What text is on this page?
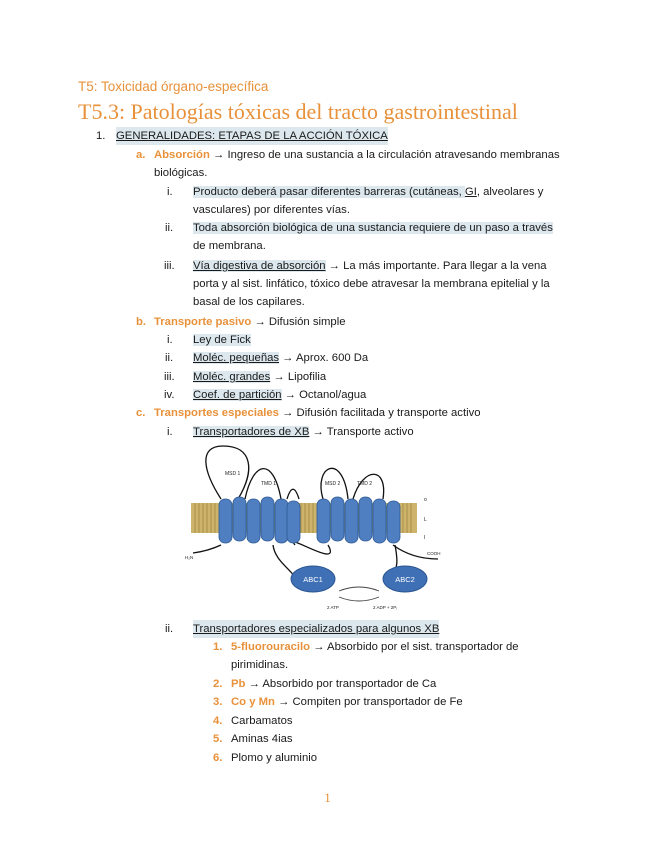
T5: Toxicidad órgano-específica
T5.3: Patologías tóxicas del tracto gastrointestinal
1. GENERALIDADES: ETAPAS DE LA ACCIÓN TÓXICA
a. Absorción → Ingreso de una sustancia a la circulación atravesando membranas
biológicas.
i. Producto deberá pasar diferentes barreras (cutáneas, GI, alveolares y
vasculares) por diferentes vías.
ii. Toda absorción biológica de una sustancia requiere de un paso a través
de membrana.
iii. Vía digestiva de absorción → La más importante. Para llegar a la vena
porta y al sist. linfático, tóxico debe atravesar la membrana epitelial y la
basal de los capilares.
b. Transporte pasivo → Difusión simple
i. Ley de Fick
ii. Moléc. pequeñas → Aprox. 600 Da
iii. Moléc. grandes → Lipofilia
iv. Coef. de partición → Octanol/agua
c. Transportes especiales → Difusión facilitada y transporte activo
i. Transportadores de XB → Transporte activo
MSD 1
TMD 1	MSD 2	TMD 2
H₂N
COOH
o
L
I
ABC1	ABC2
2 ATP	2 ADP + 2Pᵢ
ii. Transportadores especializados para algunos XB
1. 5-fluorouracilo → Absorbido por el sist. transportador de
pirimidinas.
2. Pb → Absorbido por transportador de Ca
3. Co y Mn → Compiten por transportador de Fe
4. Carbamatos
5. Aminas 4ias
6. Plomo y aluminio
1
